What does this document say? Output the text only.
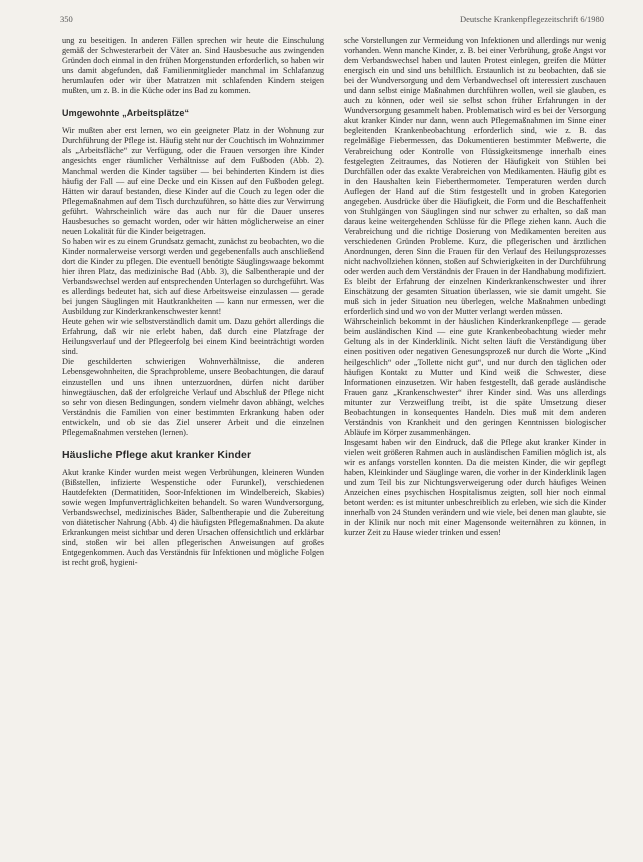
350	Deutsche Krankenpflegezeitschrift 6/1980

ung zu beseitigen. In anderen Fällen sprechen wir heute die Einschulung gemäß der Schwesterarbeit der Väter an. Sind Hausbesuche aus zwingenden Gründen doch einmal in den frühen Morgenstunden erforderlich, so haben wir uns damit abgefunden, daß Familienmitglieder manchmal im Schlafanzug herumlaufen oder wir über Matratzen mit schlafenden Kindern steigen mußten, um z. B. in die Küche oder ins Bad zu kommen.

Umgewohnte „Arbeitsplätze“

Wir mußten aber erst lernen, wo ein geeigneter Platz in der Wohnung zur Durchführung der Pflege ist. Häufig steht nur der Couchtisch im Wohnzimmer als „Arbeitsfläche“ zur Verfügung, oder die Frauen versorgen ihre Kinder angesichts enger räumlicher Verhältnisse auf dem Fußboden (Abb. 2). Manchmal werden die Kinder tagsüber — bei behinderten Kindern ist dies häufig der Fall — auf eine Decke und ein Kissen auf den Fußboden gelegt. Hätten wir darauf bestanden, diese Kinder auf die Couch zu legen oder die Pflegemaßnahmen auf dem Tisch durchzuführen, so hätte dies zur Verwirrung geführt. Wahrscheinlich wäre das auch nur für die Dauer unseres Hausbesuches so gemacht worden, oder wir hätten möglicherweise an einer neuen Lokalität für die Kinder beigetragen.

So haben wir es zu einem Grundsatz gemacht, zunächst zu beobachten, wo die Kinder normalerweise versorgt werden und gegebenenfalls auch anschließend dort die Kinder zu pflegen. Die eventuell benötigte Säuglingswaage bekommt hier ihren Platz, das medizinische Bad (Abb. 3), die Salbentherapie und der Verbandswechsel werden auf entsprechenden Unterlagen so durchgeführt. Was es allerdings bedeutet hat, sich auf diese Arbeitsweise einzulassen — gerade bei jungen Säuglingen mit Hautkrankheiten — kann nur ermessen, wer die Ausbildung zur Kinderkrankenschwester kennt!

Heute gehen wir wie selbstverständlich damit um. Dazu gehört allerdings die Erfahrung, daß wir nie erlebt haben, daß durch eine Platzfrage der Heilungsverlauf und der Pflegeerfolg bei einem Kind beeinträchtigt worden sind.

Die geschilderten schwierigen Wohnverhältnisse, die anderen Lebensgewohnheiten, die Sprachprobleme, unsere Beobachtungen, die darauf einzustellen und uns ihnen unterzuordnen, dürfen nicht darüber hinwegtäuschen, daß der erfolgreiche Verlauf und Abschluß der Pflege nicht so sehr von diesen Bedingungen, sondern vielmehr davon abhängt, welches Verständnis die Familien von einer bestimmten Erkrankung haben oder entwickeln, und ob sie das Ziel unserer Arbeit und die einzelnen Pflegemaßnahmen verstehen (lernen).

Häusliche Pflege akut kranker Kinder

Akut kranke Kinder wurden meist wegen Verbrühungen, kleineren Wunden (Bißstellen, infizierte Wespenstiche oder Furunkel), verschiedenen Hautdefekten (Dermatitiden, Soor-Infektionen im Windelbereich, Skabies) sowie wegen Impfunverträglichkeiten behandelt. So waren Wundversorgung, Verbandswechsel, medizinisches Bäder, Salbentherapie und die Zubereitung von diätetischer Nahrung (Abb. 4) die häufigsten Pflegemaßnahmen. Da akute Erkrankungen meist sichtbar und deren Ursachen offensichtlich und erklärbar sind, stoßen wir bei allen pflegerischen Anweisungen auf großes Entgegenkommen. Auch das Verständnis für Infektionen und mögliche Folgen ist recht groß, hygieni-

sche Vorstellungen zur Vermeidung von Infektionen und allerdings nur wenig vorhanden. Wenn manche Kinder, z. B. bei einer Verbrühung, große Angst vor dem Verbandswechsel haben und lauten Protest einlegen, greifen die Mütter energisch ein und sind uns behilflich. Erstaunlich ist zu beobachten, daß sie bei der Wundversorgung und dem Verbandwechsel oft interessiert zuschauen und dann selbst einige Maßnahmen durchführen wollen, weil sie glauben, es auch zu können, oder weil sie selbst schon früher Erfahrungen in der Wundversorgung gesammelt haben. Problematisch wird es bei der Versorgung akut kranker Kinder nur dann, wenn auch Pflegemaßnahmen im Sinne einer begleitenden Krankenbeobachtung erforderlich sind, wie z. B. das regelmäßige Fiebermessen, das Dokumentieren bestimmter Meßwerte, die Verabreichung oder Kontrolle von Flüssigkeitsmenge innerhalb eines festgelegten Zeitraumes, das Notieren der Häufigkeit von Stühlen bei Durchfällen oder das exakte Verabreichen von Medikamenten. Häufig gibt es in den Haushalten kein Fieberthermometer. Temperaturen werden durch Auflegen der Hand auf die Stirn festgestellt und in groben Kategorien angegeben. Ausdrücke über die Häufigkeit, die Form und die Beschaffenheit von Stuhlgängen von Säuglingen sind nur schwer zu erhalten, so daß man daraus keine weitergehenden Schlüsse für die Pflege ziehen kann. Auch die Verabreichung und die richtige Dosierung von Medikamenten bereiten aus verschiedenen Gründen Probleme. Kurz, die pflegerischen und ärztlichen Anordnungen, deren Sinn die Frauen für den Verlauf des Heilungsprozesses nicht nachvollziehen können, stoßen auf Schwierigkeiten in der Durchführung oder werden auch dem Verständnis der Frauen in der Handhabung modifiziert. Es bleibt der Erfahrung der einzelnen Kinderkrankenschwester und ihrer Einschätzung der gesamten Situation überlassen, wie sie damit umgeht. Sie muß sich in jeder Situation neu überlegen, welche Maßnahmen unbedingt erforderlich sind und wo von der Mutter verlangt werden müssen.

Währscheinlich bekommt in der häuslichen Kinderkrankenpflege — gerade beim ausländischen Kind — eine gute Krankenbeobachtung wieder mehr Geltung als in der Kinderklinik. Nicht selten läuft die Verständigung über einen positiven oder negativen Genesungsprozeß nur durch die Worte „Kind heilgeschlich“ oder „Tollette nicht gut“, und nur durch den täglichen oder häufigen Kontakt zu Mutter und Kind weiß die Schwester, diese Informationen einzusetzen. Wir haben festgestellt, daß gerade ausländische Frauen ganz „Krankenschwester“ ihrer Kinder sind. Was uns allerdings mitunter zur Verzweiflung treibt, ist die späte Umsetzung dieser Beobachtungen in konsequentes Handeln. Dies muß mit dem anderen Verständnis von Krankheit und den geringen Kenntnissen biologischer Abläufe im Körper zusammenhängen.

Insgesamt haben wir den Eindruck, daß die Pflege akut kranker Kinder in vielen weit größeren Rahmen auch in ausländischen Familien möglich ist, als wir es anfangs vorstellen konnten. Da die meisten Kinder, die wir gepflegt haben, Kleinkinder und Säuglinge waren, die vorher in der Kinderklinik lagen und zum Teil bis zur Nichtungsverweigerung oder durch häufiges Weinen Anzeichen eines psychischen Hospitalismus zeigten, soll hier noch einmal betont werden: es ist mitunter unbeschreiblich zu erleben, wie sich die Kinder innerhalb von 24 Stunden verändern und wie viele, bei denen man glaubte, sie in der Klinik nur noch mit einer Magensonde weiternähren zu können, in kurzer Zeit zu Hause wieder trinken und essen!
